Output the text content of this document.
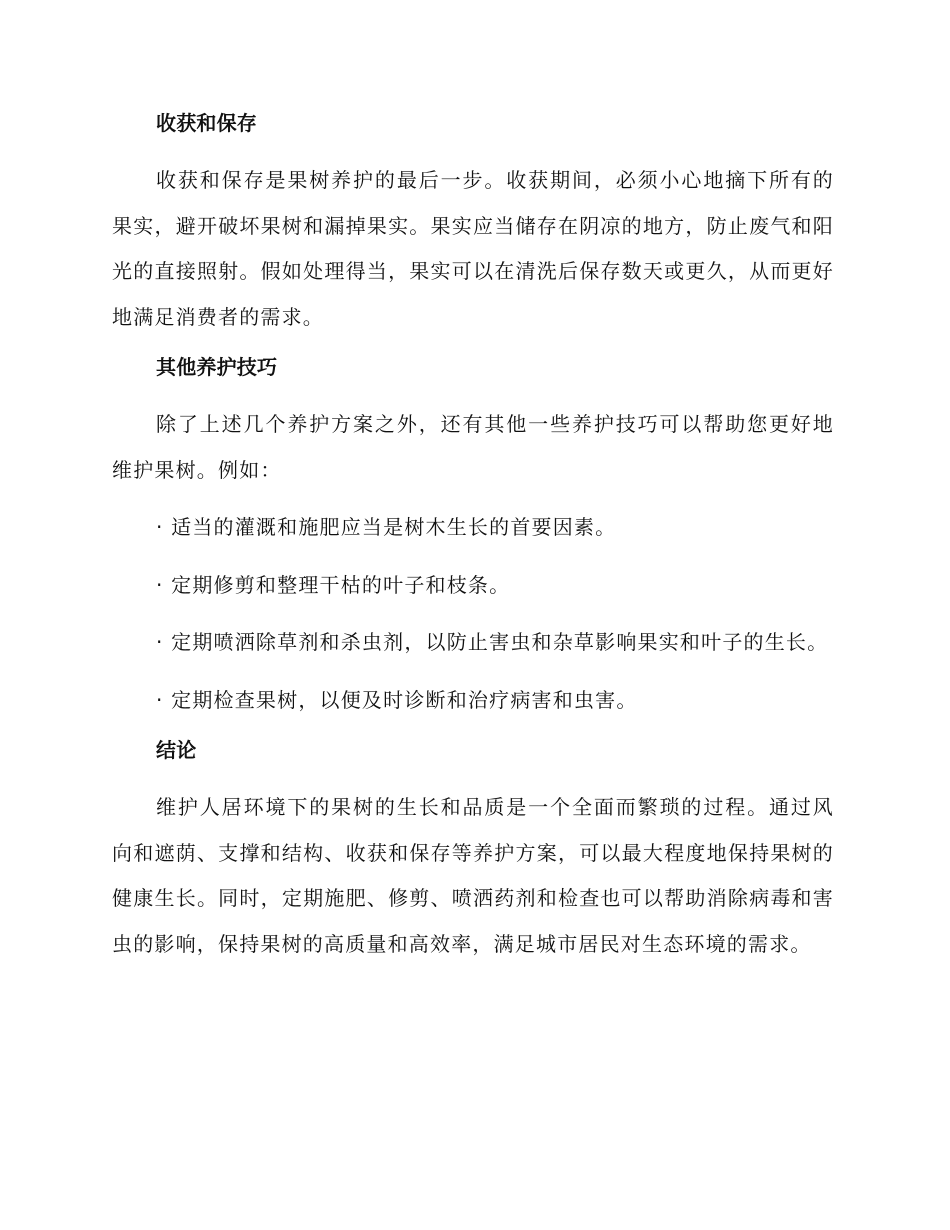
收获和保存

收获和保存是果树养护的最后一步。收获期间，必须小心地摘下所有的果实，避开破坏果树和漏掉果实。果实应当储存在阴凉的地方，防止废气和阳光的直接照射。假如处理得当，果实可以在清洗后保存数天或更久，从而更好地满足消费者的需求。

其他养护技巧

除了上述几个养护方案之外，还有其他一些养护技巧可以帮助您更好地维护果树。例如：

· 适当的灌溉和施肥应当是树木生长的首要因素。

· 定期修剪和整理干枯的叶子和枝条。

· 定期喷洒除草剂和杀虫剂，以防止害虫和杂草影响果实和叶子的生长。

· 定期检查果树，以便及时诊断和治疗病害和虫害。

结论

维护人居环境下的果树的生长和品质是一个全面而繁琐的过程。通过风向和遮荫、支撑和结构、收获和保存等养护方案，可以最大程度地保持果树的健康生长。同时，定期施肥、修剪、喷洒药剂和检查也可以帮助消除病毒和害虫的影响，保持果树的高质量和高效率，满足城市居民对生态环境的需求。
